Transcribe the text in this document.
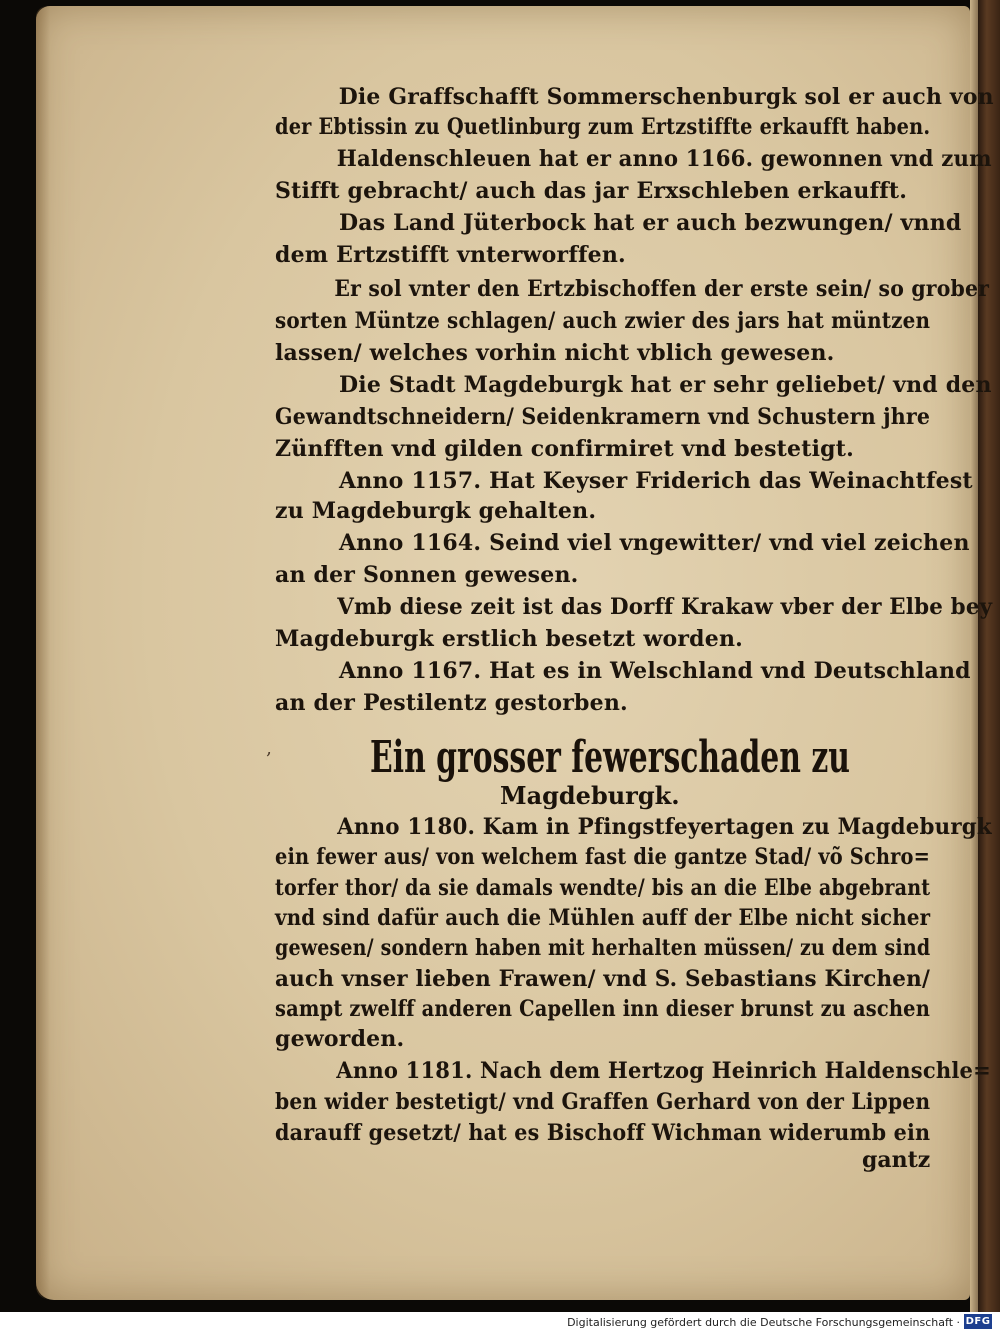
Die Graffschafft Sommerschenburgk sol er auch von
der Ebtissin zu Quetlinburg zum Ertzstiffte erkaufft haben.
Haldenschleuen hat er anno 1166. gewonnen vnd zum
Stifft gebracht/ auch das jar Erxschleben erkaufft.
Das Land Jüterbock hat er auch bezwungen/ vnnd
dem Ertzstifft vnterworffen.
Er sol vnter den Ertzbischoffen der erste sein/ so grober
sorten Müntze schlagen/ auch zwier des jars hat müntzen
lassen/ welches vorhin nicht vblich gewesen.
Die Stadt Magdeburgk hat er sehr geliebet/ vnd den
Gewandtschneidern/ Seidenkramern vnd Schustern jhre
Zünfften vnd gilden confirmiret vnd bestetigt.
Anno 1157. Hat Keyser Friderich das Weinachtfest
zu Magdeburgk gehalten.
Anno 1164. Seind viel vngewitter/ vnd viel zeichen
an der Sonnen gewesen.
Vmb diese zeit ist das Dorff Krakaw vber der Elbe bey
Magdeburgk erstlich besetzt worden.
Anno 1167. Hat es in Welschland vnd Deutschland
an der Pestilentz gestorben.
‚ Ein grosser fewerschaden zu
Magdeburgk.
Anno 1180. Kam in Pfingstfeyertagen zu Magdeburgk
ein fewer aus/ von welchem fast die gantze Stad/ võ Schro=
torfer thor/ da sie damals wendte/ bis an die Elbe abgebrant
vnd sind dafür auch die Mühlen auff der Elbe nicht sicher
gewesen/ sondern haben mit herhalten müssen/ zu dem sind
auch vnser lieben Frawen/ vnd S. Sebastians Kirchen/
sampt zwelff anderen Capellen inn dieser brunst zu aschen
geworden.
Anno 1181. Nach dem Hertzog Heinrich Haldenschle=
ben wider bestetigt/ vnd Graffen Gerhard von der Lippen
darauff gesetzt/ hat es Bischoff Wichman widerumb ein
gantz
Digitalisierung gefördert durch die Deutsche Forschungsgemeinschaft · DFG
